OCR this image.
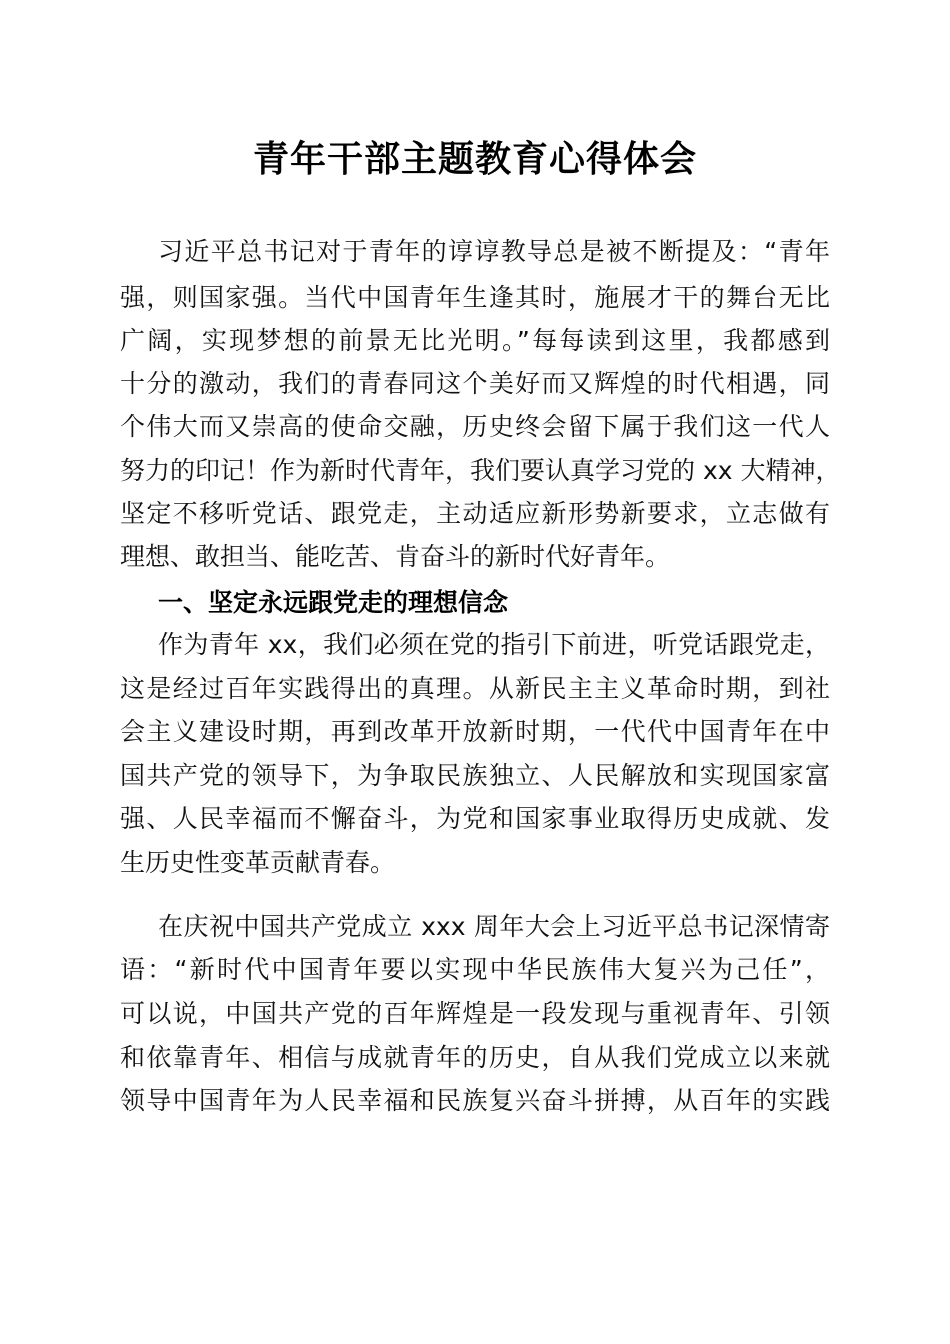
青年干部主题教育心得体会
习近平总书记对于青年的谆谆教导总是被不断提及：“青年
强，则国家强。当代中国青年生逢其时，施展才干的舞台无比
广阔，实现梦想的前景无比光明。”每每读到这里，我都感到
十分的激动，我们的青春同这个美好而又辉煌的时代相遇，同
个伟大而又崇高的使命交融，历史终会留下属于我们这一代人
努力的印记！作为新时代青年，我们要认真学习党的 xx 大精神，
坚定不移听党话、跟党走，主动适应新形势新要求，立志做有
理想、敢担当、能吃苦、肯奋斗的新时代好青年。
一、坚定永远跟党走的理想信念
作为青年 xx，我们必须在党的指引下前进，听党话跟党走，
这是经过百年实践得出的真理。从新民主主义革命时期，到社
会主义建设时期，再到改革开放新时期，一代代中国青年在中
国共产党的领导下，为争取民族独立、人民解放和实现国家富
强、人民幸福而不懈奋斗，为党和国家事业取得历史成就、发
生历史性变革贡献青春。
在庆祝中国共产党成立 xxx 周年大会上习近平总书记深情寄
语：“新时代中国青年要以实现中华民族伟大复兴为己任”，
可以说，中国共产党的百年辉煌是一段发现与重视青年、引领
和依靠青年、相信与成就青年的历史，自从我们党成立以来就
领导中国青年为人民幸福和民族复兴奋斗拼搏，从百年的实践
